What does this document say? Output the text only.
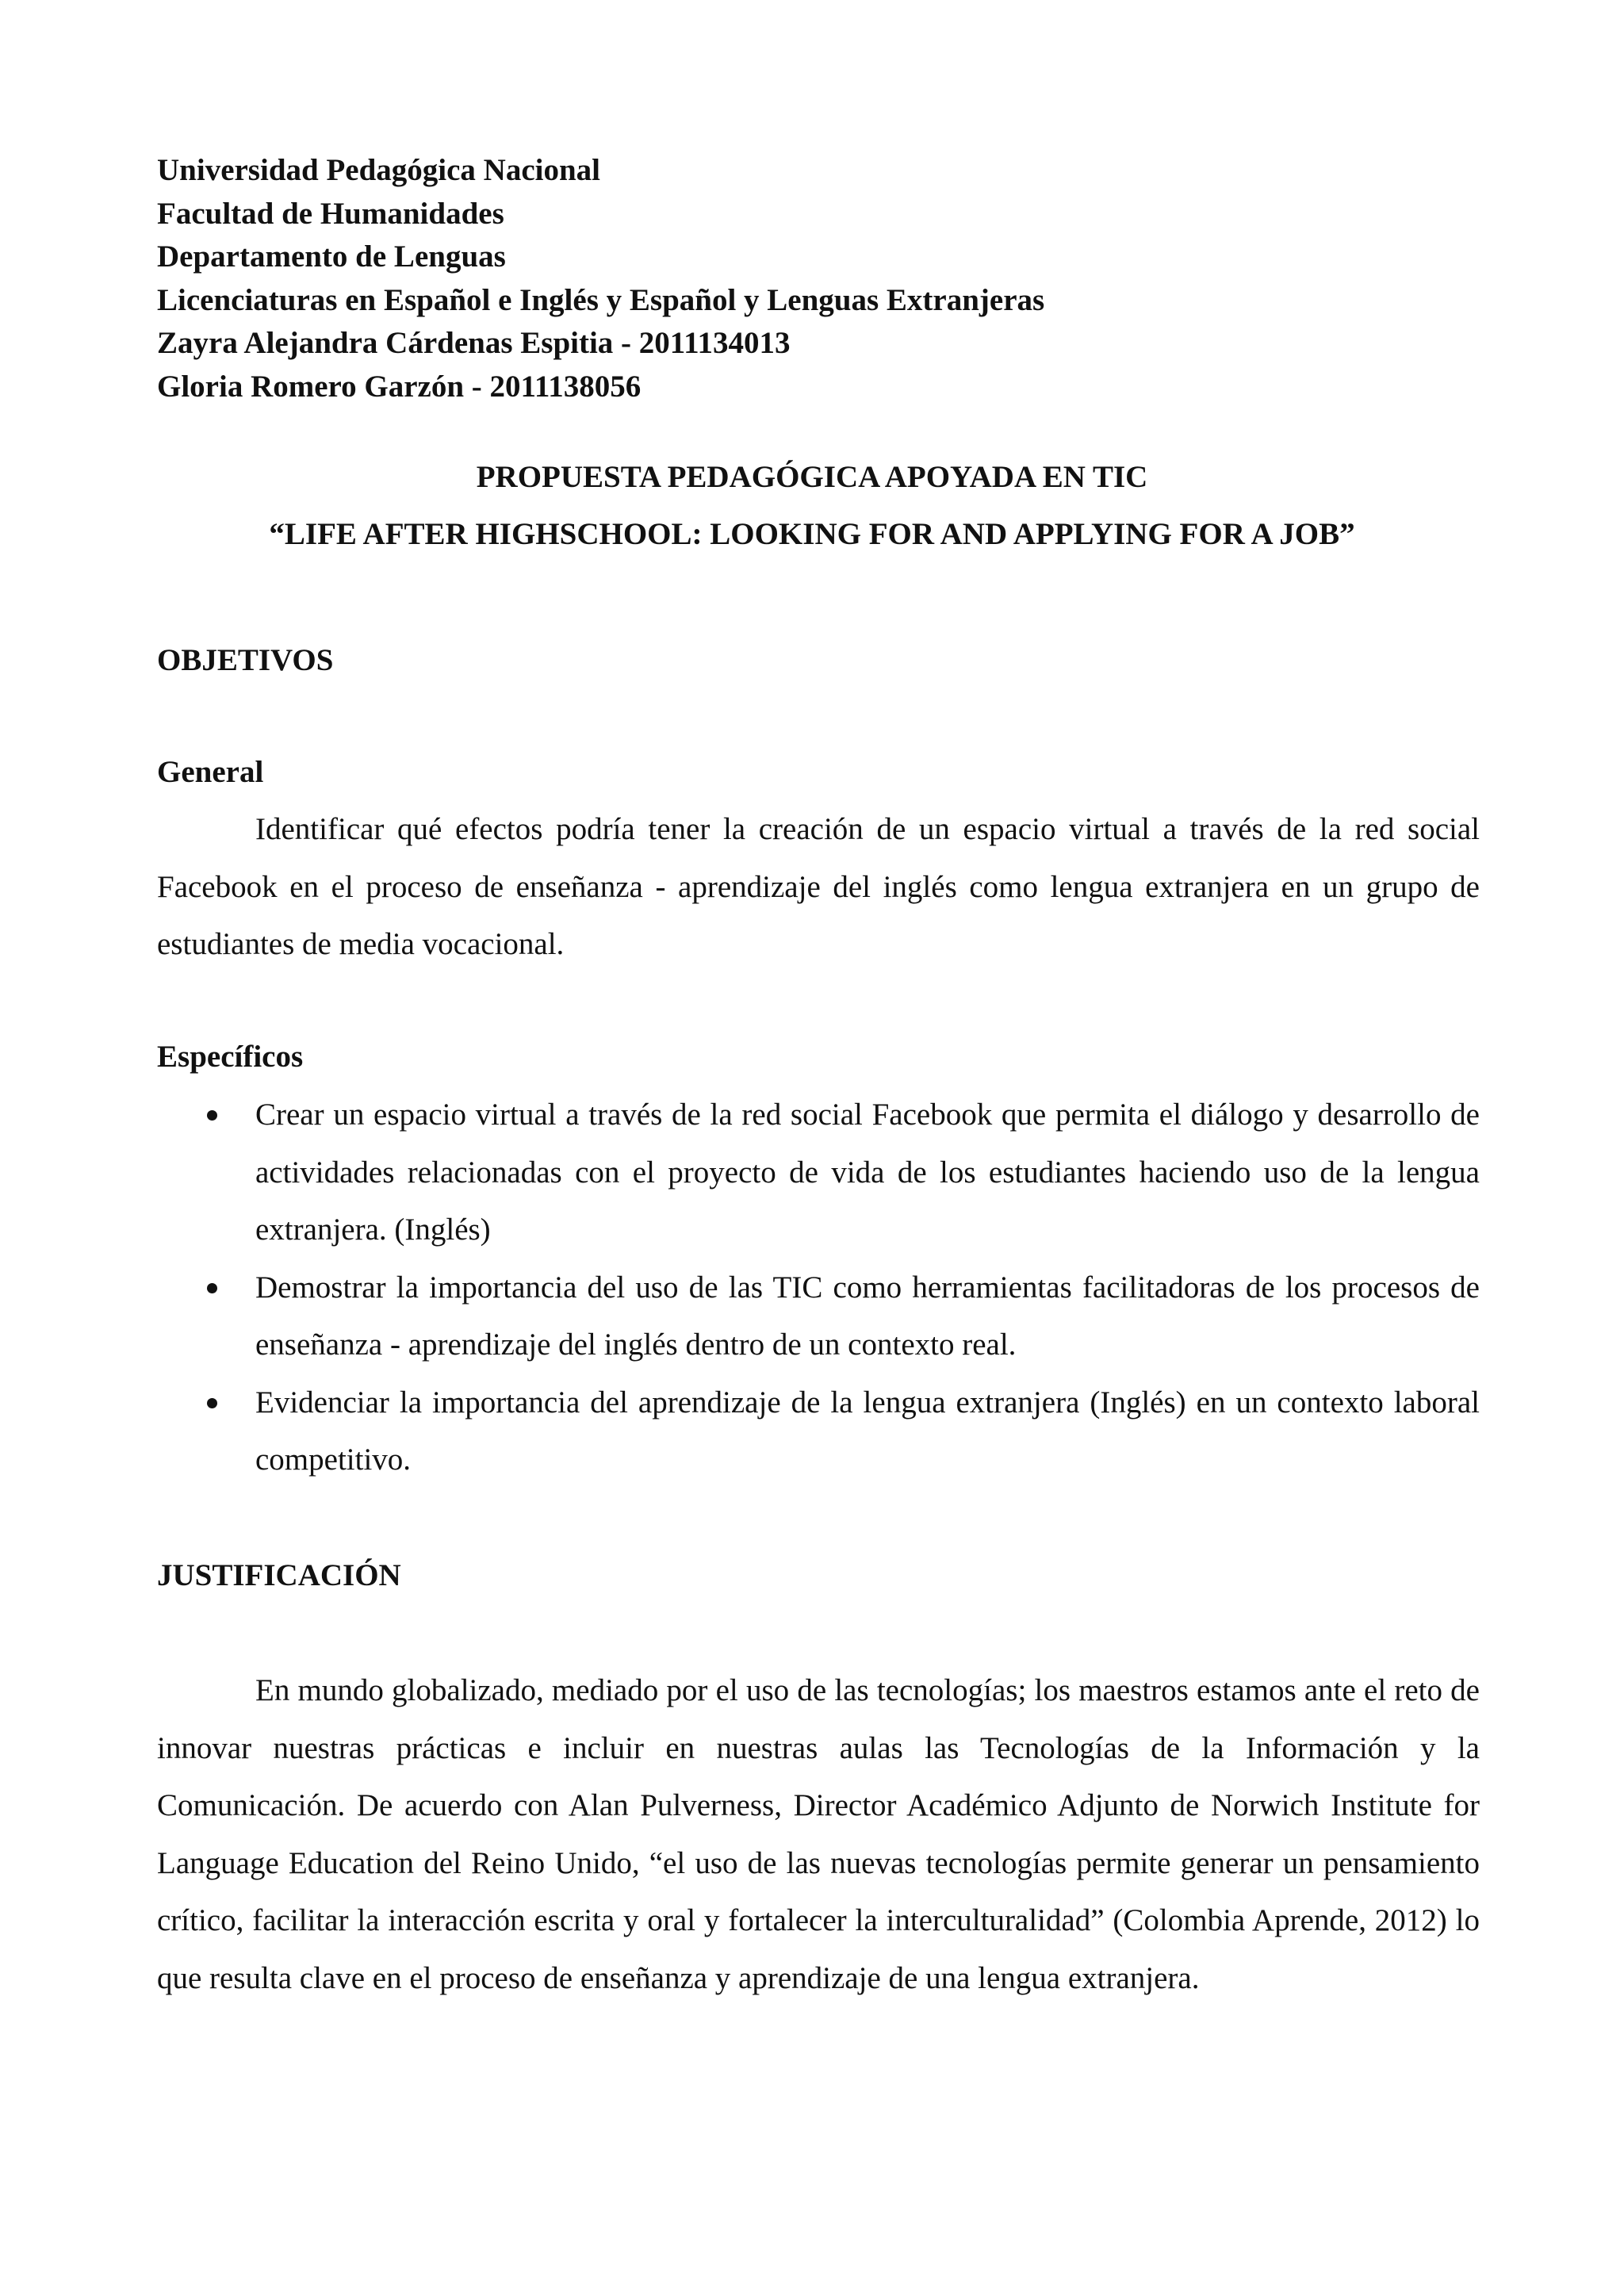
Universidad Pedagógica Nacional
Facultad de Humanidades
Departamento de Lenguas
Licenciaturas en Español e Inglés y Español y Lenguas Extranjeras
Zayra Alejandra Cárdenas Espitia - 2011134013
Gloria Romero Garzón - 2011138056
PROPUESTA PEDAGÓGICA APOYADA EN TIC
“LIFE AFTER HIGHSCHOOL: LOOKING FOR AND APPLYING FOR A JOB”
OBJETIVOS
General

Identificar qué efectos podría tener la creación de un espacio virtual a través de la red social Facebook en el proceso de enseñanza - aprendizaje del inglés como lengua extranjera en un grupo de estudiantes de media vocacional.

Específicos
Crear un espacio virtual a través de la red social Facebook que permita el diálogo y desarrollo de actividades relacionadas con el proyecto de vida de los estudiantes haciendo uso de la lengua extranjera. (Inglés)
Demostrar la importancia del uso de las TIC como herramientas facilitadoras de los procesos de enseñanza - aprendizaje del inglés dentro de un contexto real.
Evidenciar la importancia del aprendizaje de la lengua extranjera (Inglés) en un contexto laboral competitivo.
JUSTIFICACIÓN

En mundo globalizado, mediado por el uso de las tecnologías; los maestros estamos ante el reto de innovar nuestras prácticas e incluir en nuestras aulas las Tecnologías de la Información y la Comunicación. De acuerdo con Alan Pulverness, Director Académico Adjunto de Norwich Institute for Language Education del Reino Unido, “el uso de las nuevas tecnologías permite generar un pensamiento crítico, facilitar la interacción escrita y oral y fortalecer la interculturalidad” (Colombia Aprende, 2012) lo que resulta clave en el proceso de enseñanza y aprendizaje de una lengua extranjera.
